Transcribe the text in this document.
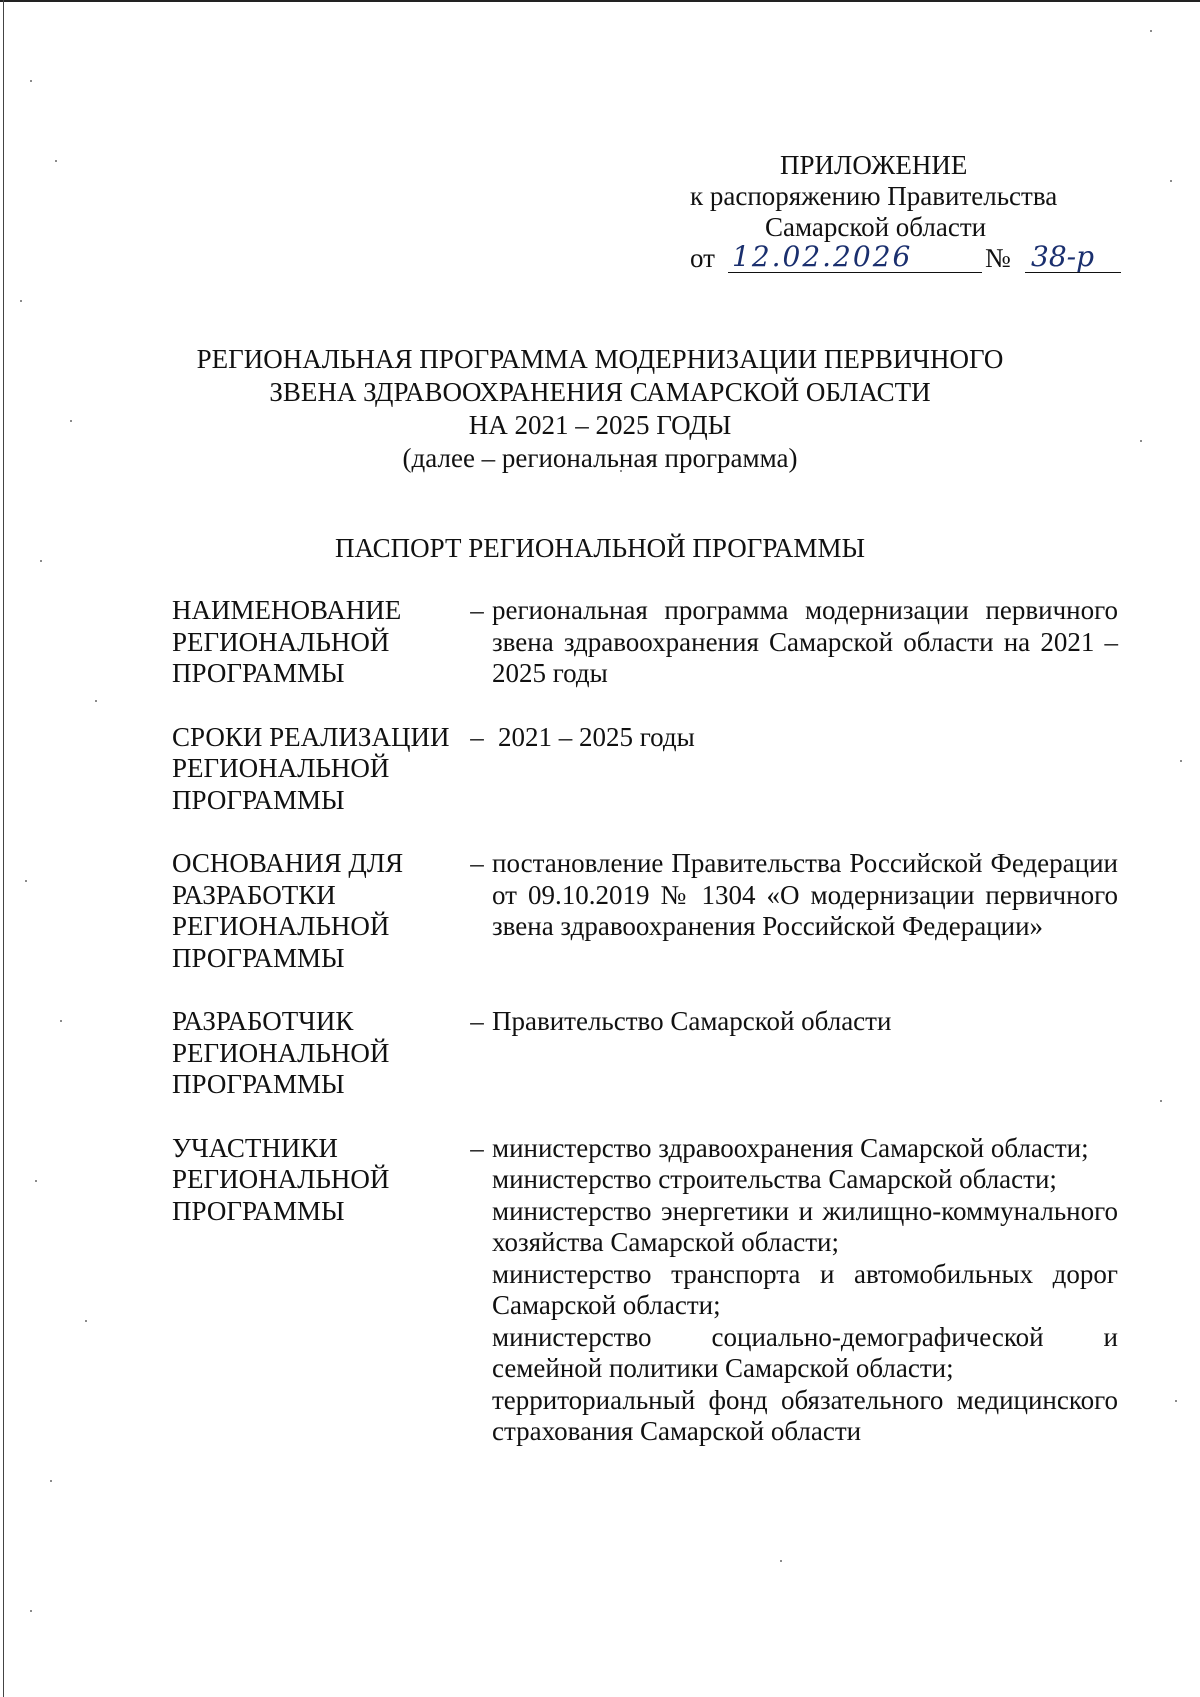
ПРИЛОЖЕНИЕ
к распоряжению Правительства
Самарской области
от 12.02.2026	№ 38-р
РЕГИОНАЛЬНАЯ ПРОГРАММА МОДЕРНИЗАЦИИ ПЕРВИЧНОГО
ЗВЕНА ЗДРАВООХРАНЕНИЯ САМАРСКОЙ ОБЛАСТИ
НА 2021 – 2025 ГОДЫ
(далее – региональная программа)
ПАСПОРТ РЕГИОНАЛЬНОЙ ПРОГРАММЫ
НАИМЕНОВАНИЕ
РЕГИОНАЛЬНОЙ
ПРОГРАММЫ
– региональная программа модернизации первичного звена здравоохранения Самарской области на 2021 – 2025 годы
СРОКИ РЕАЛИЗАЦИИ
РЕГИОНАЛЬНОЙ
ПРОГРАММЫ
– 2021 – 2025 годы
ОСНОВАНИЯ ДЛЯ
РАЗРАБОТКИ
РЕГИОНАЛЬНОЙ
ПРОГРАММЫ
– постановление Правительства Российской Федерации от 09.10.2019 № 1304 «О модернизации первичного звена здравоохранения Российской Федерации»
РАЗРАБОТЧИК
РЕГИОНАЛЬНОЙ
ПРОГРАММЫ
– Правительство Самарской области
УЧАСТНИКИ
РЕГИОНАЛЬНОЙ
ПРОГРАММЫ
– министерство здравоохранения Самарской области;
министерство строительства Самарской области;
министерство энергетики и жилищно-коммунального хозяйства Самарской области;
министерство транспорта и автомобильных дорог Самарской области;
министерство социально-демографической и семейной политики Самарской области;
территориальный фонд обязательного медицинского страхования Самарской области
